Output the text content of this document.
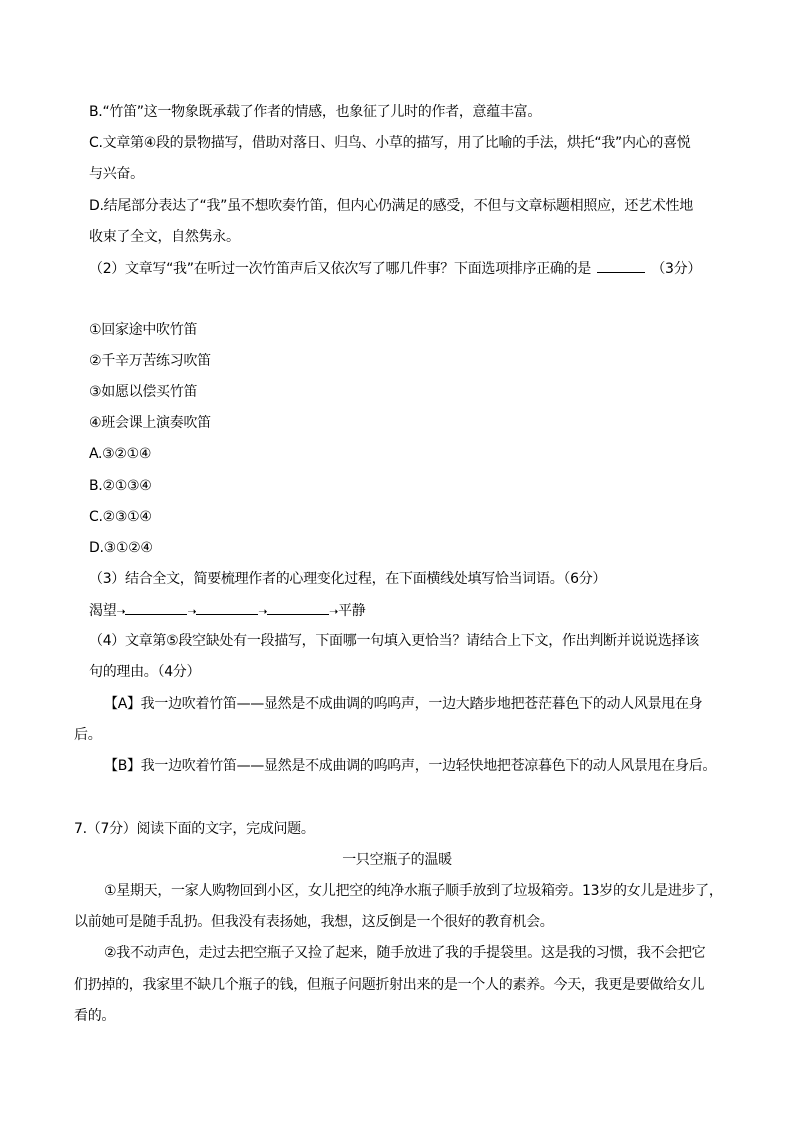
B.“竹笛”这一物象既承载了作者的情感，也象征了儿时的作者，意蕴丰富。
C.文章第④段的景物描写，借助对落日、归鸟、小草的描写，用了比喻的手法，烘托“我”内心的喜悦
与兴奋。
D.结尾部分表达了“我”虽不想吹奏竹笛，但内心仍满足的感受，不但与文章标题相照应，还艺术性地
收束了全文，自然隽永。
（2）文章写“我”在听过一次竹笛声后又依次写了哪几件事？下面选项排序正确的是	（3分）
①回家途中吹竹笛
②千辛万苦练习吹笛
③如愿以偿买竹笛
④班会课上演奏吹笛
A.③②①④
B.②①③④
C.②③①④
D.③①②④
（3）结合全文，简要梳理作者的心理变化过程，在下面横线处填写恰当词语。（6分）
渴望➝	➝	➝	➝平静
（4）文章第⑤段空缺处有一段描写，下面哪一句填入更恰当？请结合上下文，作出判断并说说选择该
句的理由。（4分）
【A】我一边吹着竹笛——显然是不成曲调的呜呜声，一边大踏步地把苍茫暮色下的动人风景甩在身
后。
【B】我一边吹着竹笛——显然是不成曲调的呜呜声，一边轻快地把苍凉暮色下的动人风景甩在身后。
7.（7分）阅读下面的文字，完成问题。
一只空瓶子的温暖
①星期天，一家人购物回到小区，女儿把空的纯净水瓶子顺手放到了垃圾箱旁。13岁的女儿是进步了，
以前她可是随手乱扔。但我没有表扬她，我想，这反倒是一个很好的教育机会。
②我不动声色，走过去把空瓶子又捡了起来，随手放进了我的手提袋里。这是我的习惯，我不会把它
们扔掉的，我家里不缺几个瓶子的钱，但瓶子问题折射出来的是一个人的素养。今天，我更是要做给女儿
看的。
